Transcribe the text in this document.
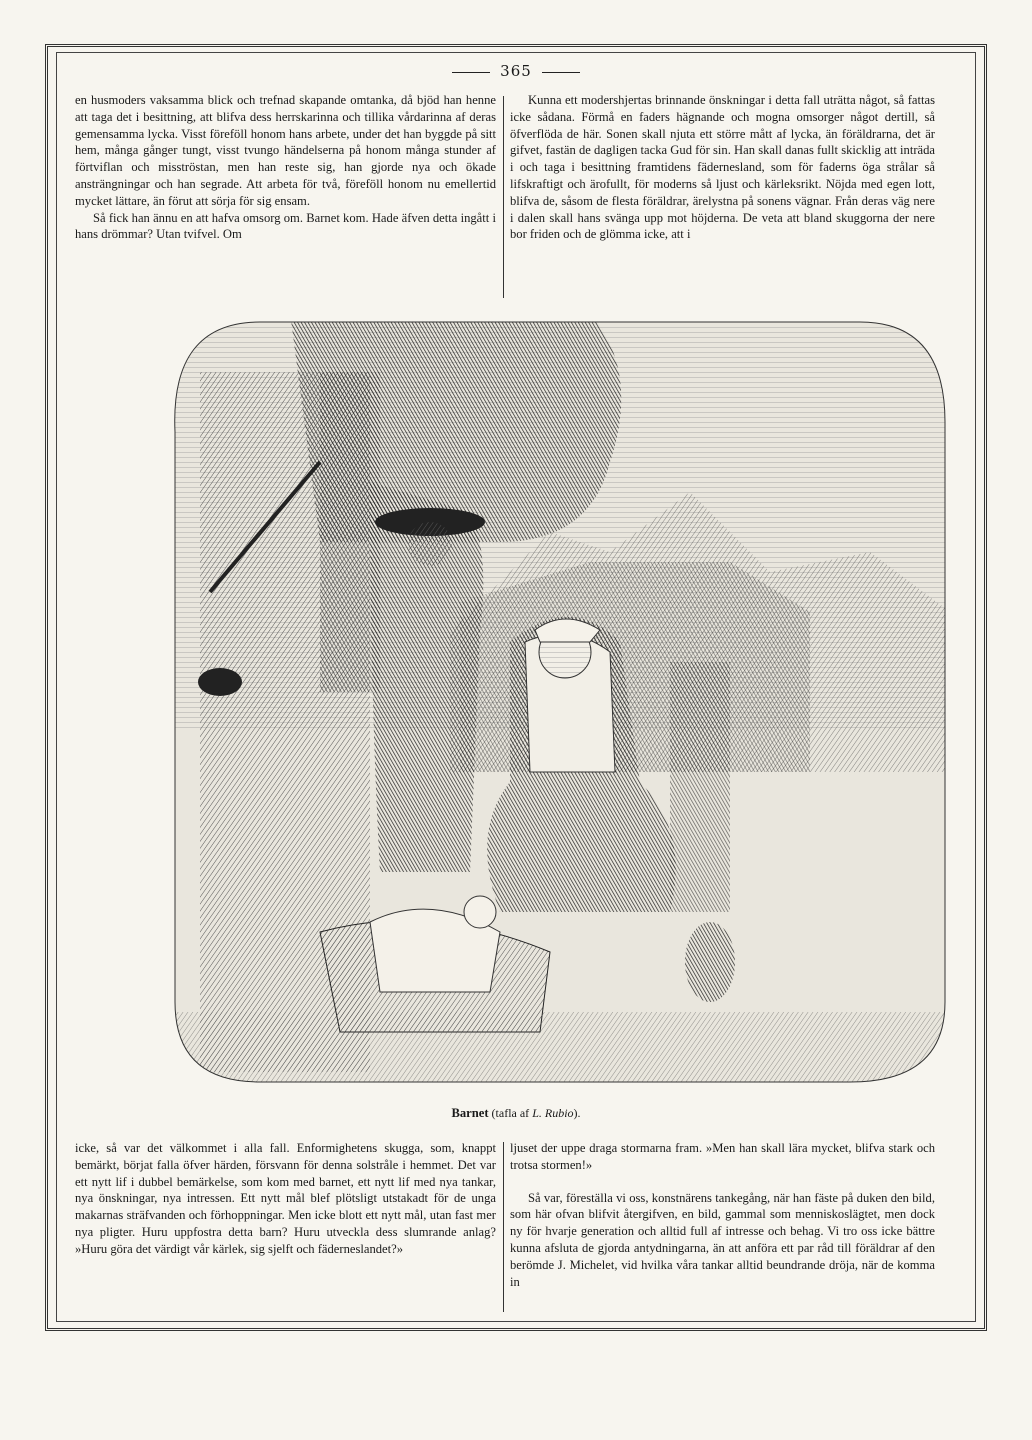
365

en husmoders vaksamma blick och trefnad skapande omtanka, då bjöd han henne att taga det i besittning, att blifva dess herrskarinna och tillika vårdarinna af deras gemensamma lycka. Visst föreföll honom hans arbete, under det han byggde på sitt hem, många gånger tungt, visst tvungo händelserna på honom många stunder af förtviflan och misströstan, men han reste sig, han gjorde nya och ökade ansträngningar och han segrade. Att arbeta för två, föreföll honom nu emellertid mycket lättare, än förut att sörja för sig ensam.

Så fick han ännu en att hafva omsorg om. Barnet kom. Hade äfven detta ingått i hans drömmar? Utan tvifvel. Om

Kunna ett modershjertas brinnande önskningar i detta fall uträtta något, så fattas icke sådana. Förmå en faders hägnande och mogna omsorger något dertill, så öfverflöda de här. Sonen skall njuta ett större mått af lycka, än föräldrarna, det är gifvet, fastän de dagligen tacka Gud för sin. Han skall danas fullt skicklig att inträda i och taga i besittning framtidens fädernesland, som för faderns öga strålar så lifskraftigt och ärofullt, för moderns så ljust och kärleksrikt. Nöjda med egen lott, blifva de, såsom de flesta föräldrar, ärelystna på sonens vägnar. Från deras väg nere i dalen skall hans svänga upp mot höjderna. De veta att bland skuggorna der nere bor friden och de glömma icke, att i

Barnet (tafla af L. Rubio).

icke, så var det välkommet i alla fall. Enformighetens skugga, som, knappt bemärkt, börjat falla öfver härden, försvann för denna solstråle i hemmet. Det var ett nytt lif i dubbel bemärkelse, som kom med barnet, ett nytt lif med nya tankar, nya önskningar, nya intressen. Ett nytt mål blef plötsligt utstakadt för de unga makarnas sträfvanden och förhoppningar. Men icke blott ett nytt mål, utan fast mer nya pligter. Huru uppfostra detta barn? Huru utveckla dess slumrande anlag? »Huru göra det värdigt vår kärlek, sig sjelft och fäderneslandet?»

ljuset der uppe draga stormarna fram. »Men han skall lära mycket, blifva stark och trotsa stormen!»

Så var, föreställa vi oss, konstnärens tankegång, när han fäste på duken den bild, som här ofvan blifvit återgifven, en bild, gammal som menniskoslägtet, men dock ny för hvarje generation och alltid full af intresse och behag. Vi tro oss icke bättre kunna afsluta de gjorda antydningarna, än att anföra ett par råd till föräldrar af den berömde J. Michelet, vid hvilka våra tankar alltid beundrande dröja, när de komma in
